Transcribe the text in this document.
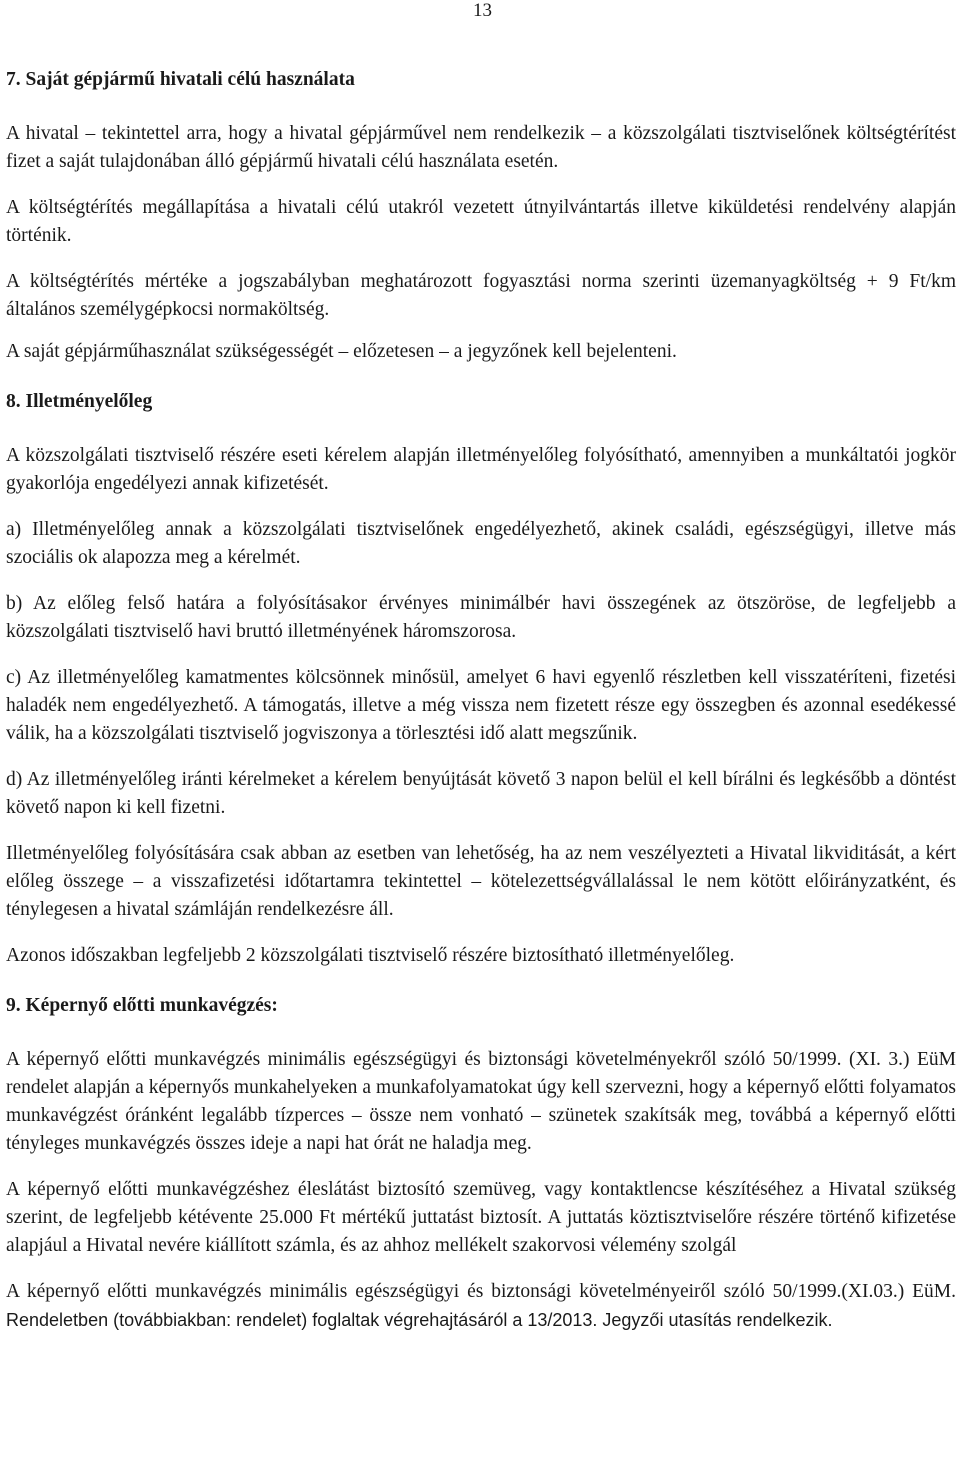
13
7. Saját gépjármű hivatali célú használata

A hivatal – tekintettel arra, hogy a hivatal gépjárművel nem rendelkezik – a közszolgálati tisztviselőnek költségtérítést fizet a saját tulajdonában álló gépjármű hivatali célú használata esetén.

A költségtérítés megállapítása a hivatali célú utakról vezetett útnyilvántartás illetve kiküldetési rendelvény alapján történik.

A költségtérítés mértéke a jogszabályban meghatározott fogyasztási norma szerinti üzemanyagköltség + 9 Ft/km általános személygépkocsi normaköltség.

A saját gépjárműhasználat szükségességét – előzetesen – a jegyzőnek kell bejelenteni.

8. Illetményelőleg

A közszolgálati tisztviselő részére eseti kérelem alapján illetményelőleg folyósítható, amennyiben a munkáltatói jogkör gyakorlója engedélyezi annak kifizetését.

a) Illetményelőleg annak a közszolgálati tisztviselőnek engedélyezhető, akinek családi, egészségügyi, illetve más szociális ok alapozza meg a kérelmét.

b) Az előleg felső határa a folyósításakor érvényes minimálbér havi összegének az ötszöröse, de legfeljebb a közszolgálati tisztviselő havi bruttó illetményének háromszorosa.

c) Az illetményelőleg kamatmentes kölcsönnek minősül, amelyet 6 havi egyenlő részletben kell visszatéríteni, fizetési haladék nem engedélyezhető. A támogatás, illetve a még vissza nem fizetett része egy összegben és azonnal esedékessé válik, ha a közszolgálati tisztviselő jogviszonya a törlesztési idő alatt megszűnik.

d) Az illetményelőleg iránti kérelmeket a kérelem benyújtását követő 3 napon belül el kell bírálni és legkésőbb a döntést követő napon ki kell fizetni.

Illetményelőleg folyósítására csak abban az esetben van lehetőség, ha az nem veszélyezteti a Hivatal likviditását, a kért előleg összege – a visszafizetési időtartamra tekintettel – kötelezettségvállalással le nem kötött előirányzatként, és ténylegesen a hivatal számláján rendelkezésre áll.

Azonos időszakban legfeljebb 2 közszolgálati tisztviselő részére biztosítható illetményelőleg.

9. Képernyő előtti munkavégzés:

A képernyő előtti munkavégzés minimális egészségügyi és biztonsági követelményekről szóló 50/1999. (XI. 3.) EüM rendelet alapján a képernyős munkahelyeken a munkafolyamatokat úgy kell szervezni, hogy a képernyő előtti folyamatos munkavégzést óránként legalább tízperces – össze nem vonható – szünetek szakítsák meg, továbbá a képernyő előtti tényleges munkavégzés összes ideje a napi hat órát ne haladja meg.

A képernyő előtti munkavégzéshez éleslátást biztosító szemüveg, vagy kontaktlencse készítéséhez a Hivatal szükség szerint, de legfeljebb kétévente 25.000 Ft mértékű juttatást biztosít. A juttatás köztisztviselőre részére történő kifizetése alapjául a Hivatal nevére kiállított számla, és az ahhoz mellékelt szakorvosi vélemény szolgál

A képernyő előtti munkavégzés minimális egészségügyi és biztonsági követelményeiről szóló 50/1999.(XI.03.) EüM. Rendeletben (továbbiakban: rendelet) foglaltak végrehajtásáról a 13/2013. Jegyzői utasítás rendelkezik.
